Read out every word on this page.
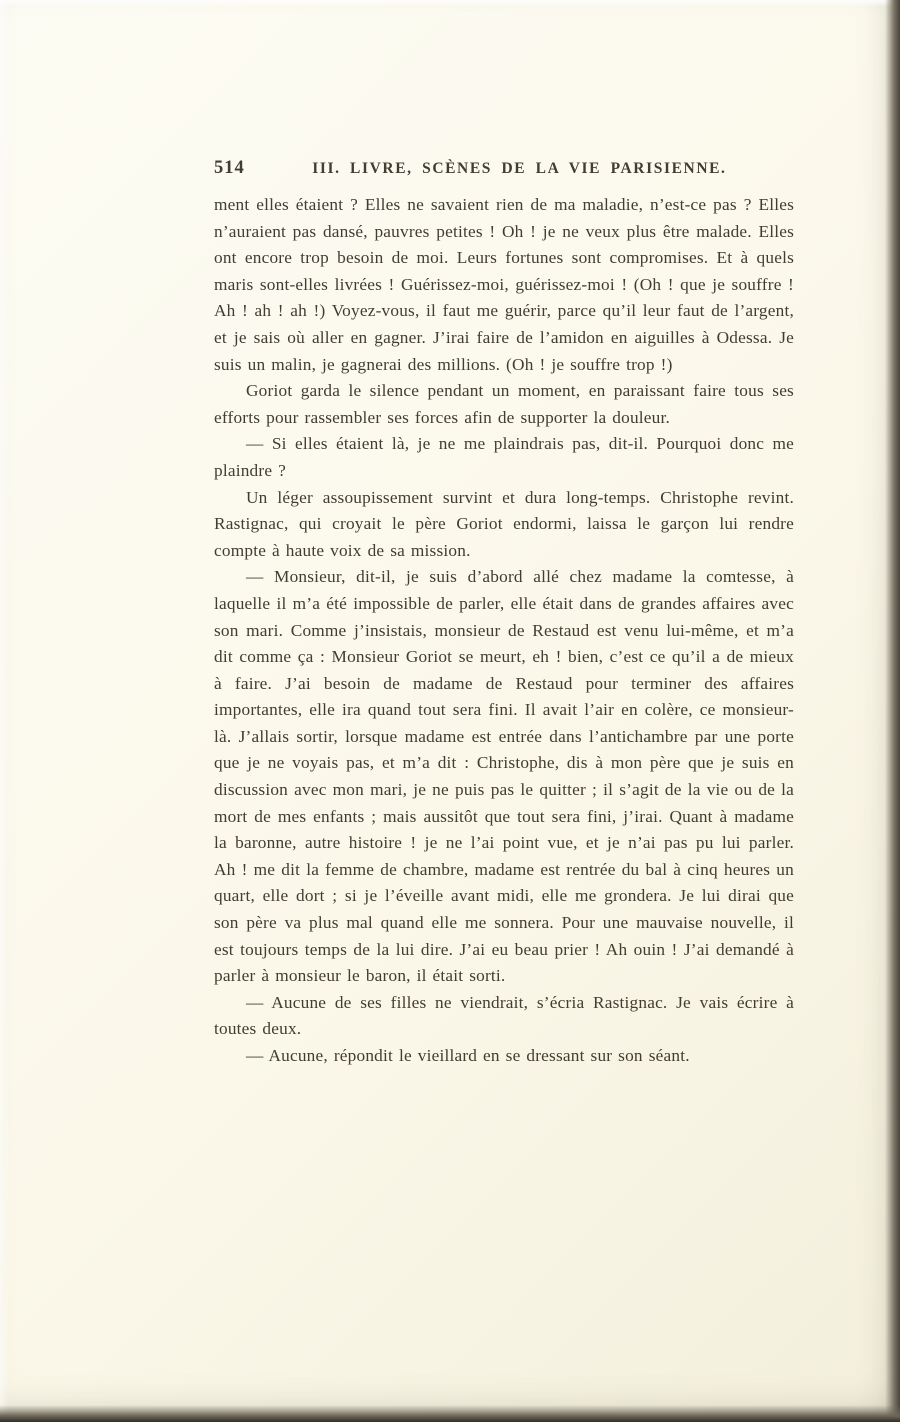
514	III. LIVRE, SCÈNES DE LA VIE PARISIENNE.

ment elles étaient ? Elles ne savaient rien de ma maladie, n’est-ce pas ? Elles n’auraient pas dansé, pauvres petites ! Oh ! je ne veux plus être malade. Elles ont encore trop besoin de moi. Leurs fortunes sont compromises. Et à quels maris sont-elles livrées ! Guérissez-moi, guérissez-moi ! (Oh ! que je souffre ! Ah ! ah ! ah !) Voyez-vous, il faut me guérir, parce qu’il leur faut de l’argent, et je sais où aller en gagner. J’irai faire de l’amidon en aiguilles à Odessa. Je suis un malin, je gagnerai des millions. (Oh ! je souffre trop !)

Goriot garda le silence pendant un moment, en paraissant faire tous ses efforts pour rassembler ses forces afin de supporter la douleur.

— Si elles étaient là, je ne me plaindrais pas, dit-il. Pourquoi donc me plaindre ?

Un léger assoupissement survint et dura long-temps. Christophe revint. Rastignac, qui croyait le père Goriot endormi, laissa le garçon lui rendre compte à haute voix de sa mission.

— Monsieur, dit-il, je suis d’abord allé chez madame la comtesse, à laquelle il m’a été impossible de parler, elle était dans de grandes affaires avec son mari. Comme j’insistais, monsieur de Restaud est venu lui-même, et m’a dit comme ça : Monsieur Goriot se meurt, eh ! bien, c’est ce qu’il a de mieux à faire. J’ai besoin de madame de Restaud pour terminer des affaires importantes, elle ira quand tout sera fini. Il avait l’air en colère, ce monsieur-là. J’allais sortir, lorsque madame est entrée dans l’antichambre par une porte que je ne voyais pas, et m’a dit : Christophe, dis à mon père que je suis en discussion avec mon mari, je ne puis pas le quitter ; il s’agit de la vie ou de la mort de mes enfants ; mais aussitôt que tout sera fini, j’irai. Quant à madame la baronne, autre histoire ! je ne l’ai point vue, et je n’ai pas pu lui parler. Ah ! me dit la femme de chambre, madame est rentrée du bal à cinq heures un quart, elle dort ; si je l’éveille avant midi, elle me grondera. Je lui dirai que son père va plus mal quand elle me sonnera. Pour une mauvaise nouvelle, il est toujours temps de la lui dire. J’ai eu beau prier ! Ah ouin ! J’ai demandé à parler à monsieur le baron, il était sorti.

— Aucune de ses filles ne viendrait, s’écria Rastignac. Je vais écrire à toutes deux.

— Aucune, répondit le vieillard en se dressant sur son séant.
